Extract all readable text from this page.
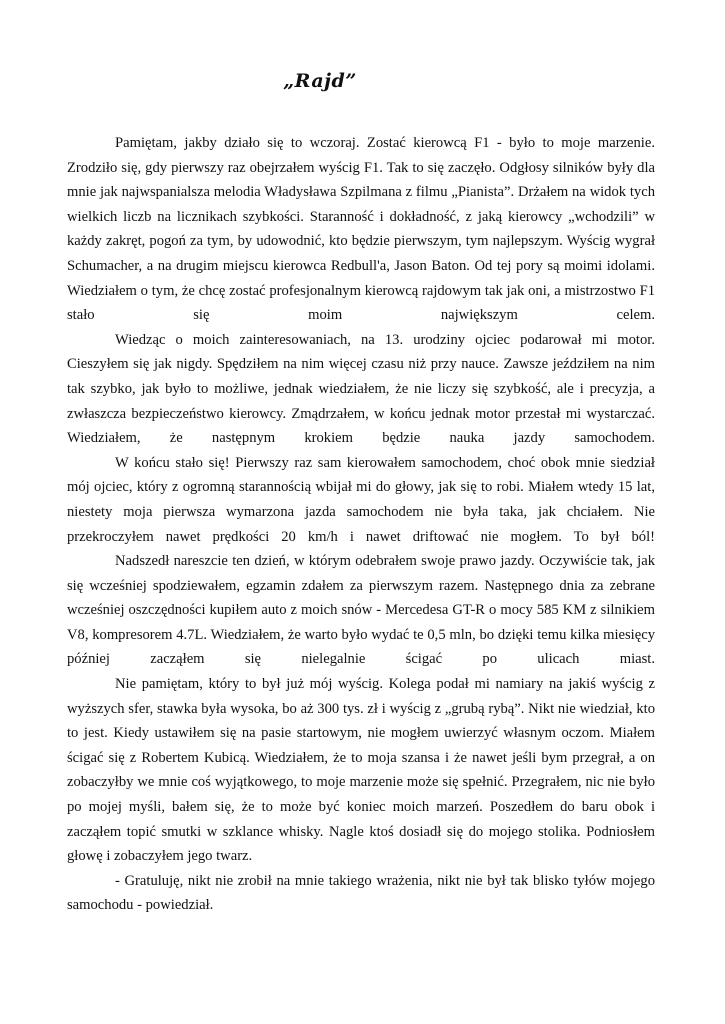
„Rajd”

Pamiętam, jakby działo się to wczoraj. Zostać kierowcą F1 - było to moje marzenie. Zrodziło się, gdy pierwszy raz obejrzałem wyścig F1. Tak to się zaczęło. Odgłosy silników były dla mnie jak najwspanialsza melodia Władysława Szpilmana z filmu „Pianista”. Drżałem na widok tych wielkich liczb na licznikach szybkości. Staranność i dokładność, z jaką kierowcy „wchodzili” w każdy zakręt, pogoń za tym, by udowodnić, kto będzie pierwszym, tym najlepszym. Wyścig wygrał Schumacher, a na drugim miejscu kierowca Redbull'a, Jason Baton. Od tej pory są moimi idolami. Wiedziałem o tym, że chcę zostać profesjonalnym kierowcą rajdowym tak jak oni, a mistrzostwo F1 stało się moim największym celem.

Wiedząc o moich zainteresowaniach, na 13. urodziny ojciec podarował mi motor. Cieszyłem się jak nigdy. Spędziłem na nim więcej czasu niż przy nauce. Zawsze jeździłem na nim tak szybko, jak było to możliwe, jednak wiedziałem, że nie liczy się szybkość, ale i precyzja, a zwłaszcza bezpieczeństwo kierowcy. Zmądrzałem, w końcu jednak motor przestał mi wystarczać. Wiedziałem, że następnym krokiem będzie nauka jazdy samochodem.

W końcu stało się! Pierwszy raz sam kierowałem samochodem, choć obok mnie siedział mój ojciec, który z ogromną starannością wbijał mi do głowy, jak się to robi. Miałem wtedy 15 lat, niestety moja pierwsza wymarzona jazda samochodem nie była taka, jak chciałem. Nie przekroczyłem nawet prędkości 20 km/h i nawet driftować nie mogłem. To był ból!

Nadszedł nareszcie ten dzień, w którym odebrałem swoje prawo jazdy. Oczywiście tak, jak się wcześniej spodziewałem, egzamin zdałem za pierwszym razem. Następnego dnia za zebrane wcześniej oszczędności kupiłem auto z moich snów - Mercedesa GT-R o mocy 585 KM z silnikiem V8, kompresorem 4.7L. Wiedziałem, że warto było wydać te 0,5 mln, bo dzięki temu kilka miesięcy później zacząłem się nielegalnie ścigać po ulicach miast.

Nie pamiętam, który to był już mój wyścig. Kolega podał mi namiary na jakiś wyścig z wyższych sfer, stawka była wysoka, bo aż 300 tys. zł i wyścig z „grubą rybą”. Nikt nie wiedział, kto to jest. Kiedy ustawiłem się na pasie startowym, nie mogłem uwierzyć własnym oczom. Miałem ścigać się z Robertem Kubicą. Wiedziałem, że to moja szansa i że nawet jeśli bym przegrał, a on zobaczyłby we mnie coś wyjątkowego, to moje marzenie może się spełnić. Przegrałem, nic nie było po mojej myśli, bałem się, że to może być koniec moich marzeń. Poszedłem do baru obok i zacząłem topić smutki w szklance whisky. Nagle ktoś dosiadł się do mojego stolika. Podniosłem głowę i zobaczyłem jego twarz.

- Gratuluję, nikt nie zrobił na mnie takiego wrażenia, nikt nie był tak blisko tyłów mojego samochodu - powiedział.
